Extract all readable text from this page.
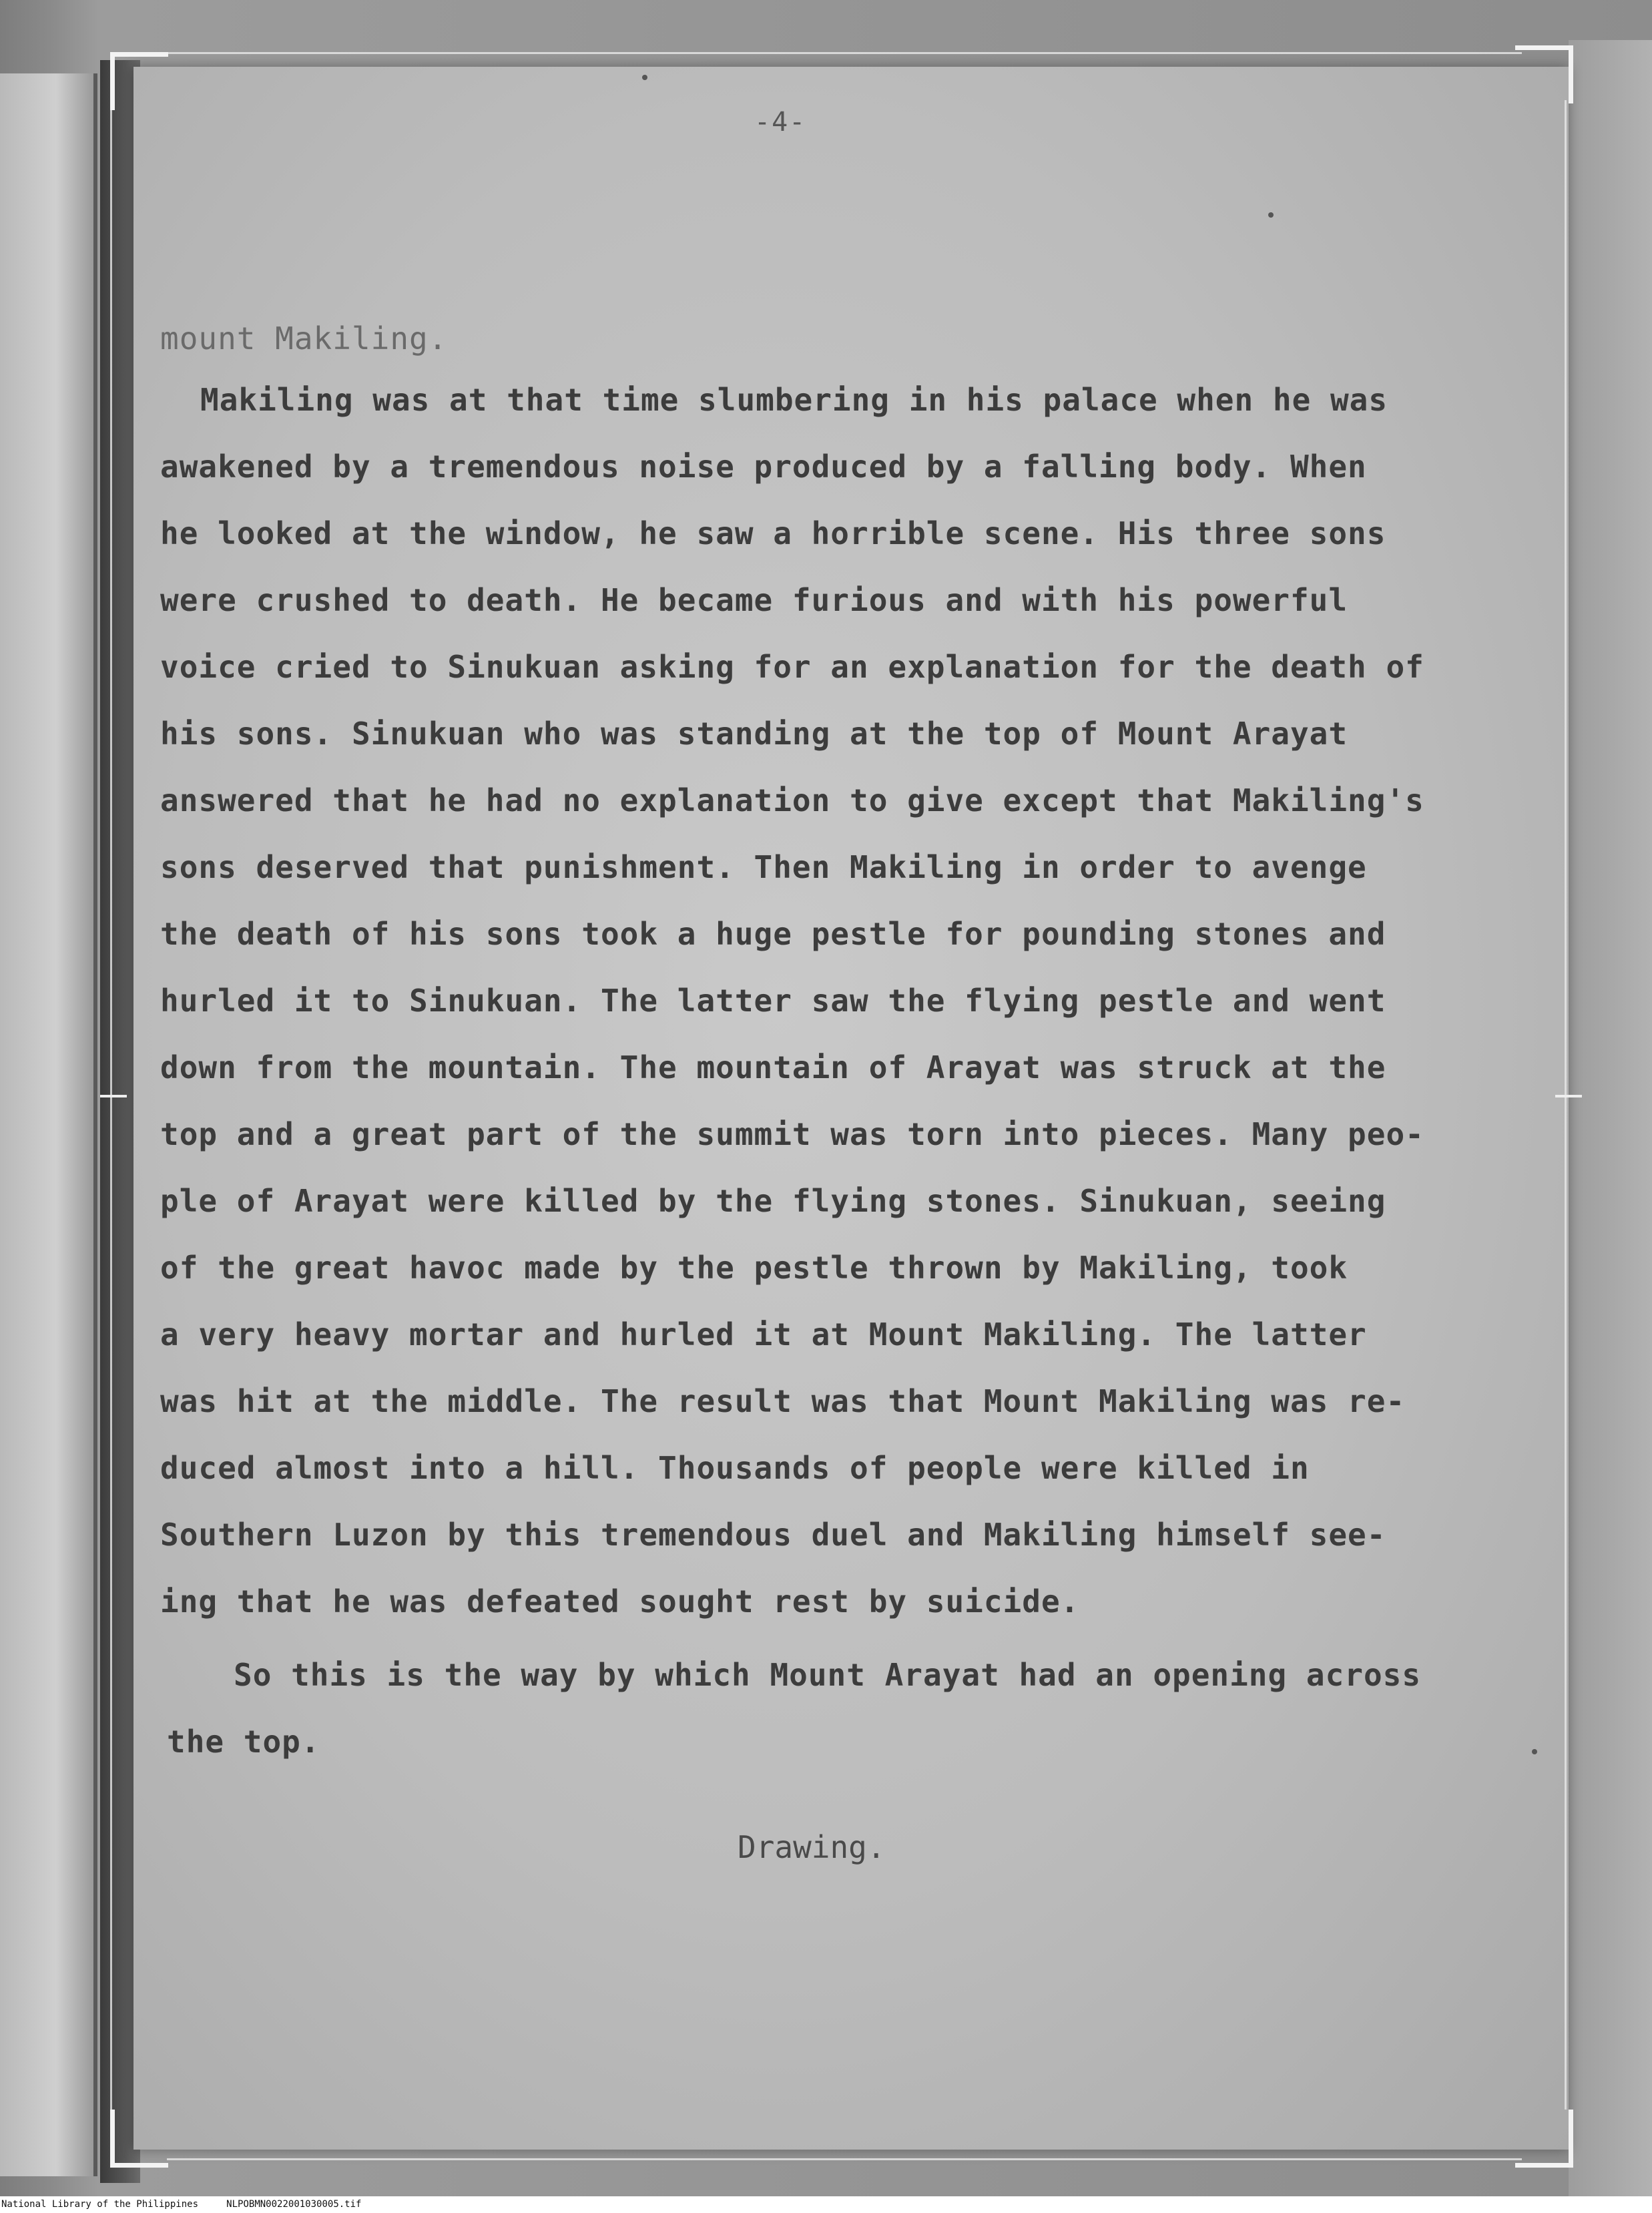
-4-
mount Makiling.
Makiling was at that time slumbering in his palace when he was
awakened by a tremendous noise produced by a falling body. When
he looked at the window, he saw a horrible scene. His three sons
were crushed to death. He became furious and with his powerful
voice cried to Sinukuan asking for an explanation for the death of
his sons. Sinukuan who was standing at the top of Mount Arayat
answered that he had no explanation to give except that Makiling's
sons deserved that punishment. Then Makiling in order to avenge
the death of his sons took a huge pestle for pounding stones and
hurled it to Sinukuan. The latter saw the flying pestle and went
down from the mountain. The mountain of Arayat was struck at the
top and a great part of the summit was torn into pieces. Many peo-
ple of Arayat were killed by the flying stones. Sinukuan, seeing
of the great havoc made by the pestle thrown by Makiling, took
a very heavy mortar and hurled it at Mount Makiling. The latter
was hit at the middle. The result was that Mount Makiling was re-
duced almost into a hill. Thousands of people were killed in
Southern Luzon by this tremendous duel and Makiling himself see-
ing that he was defeated sought rest by suicide.
So this is the way by which Mount Arayat had an opening across
the top.
Drawing.
National Library of the Philippines	NLPOBMN0022001030005.tif
